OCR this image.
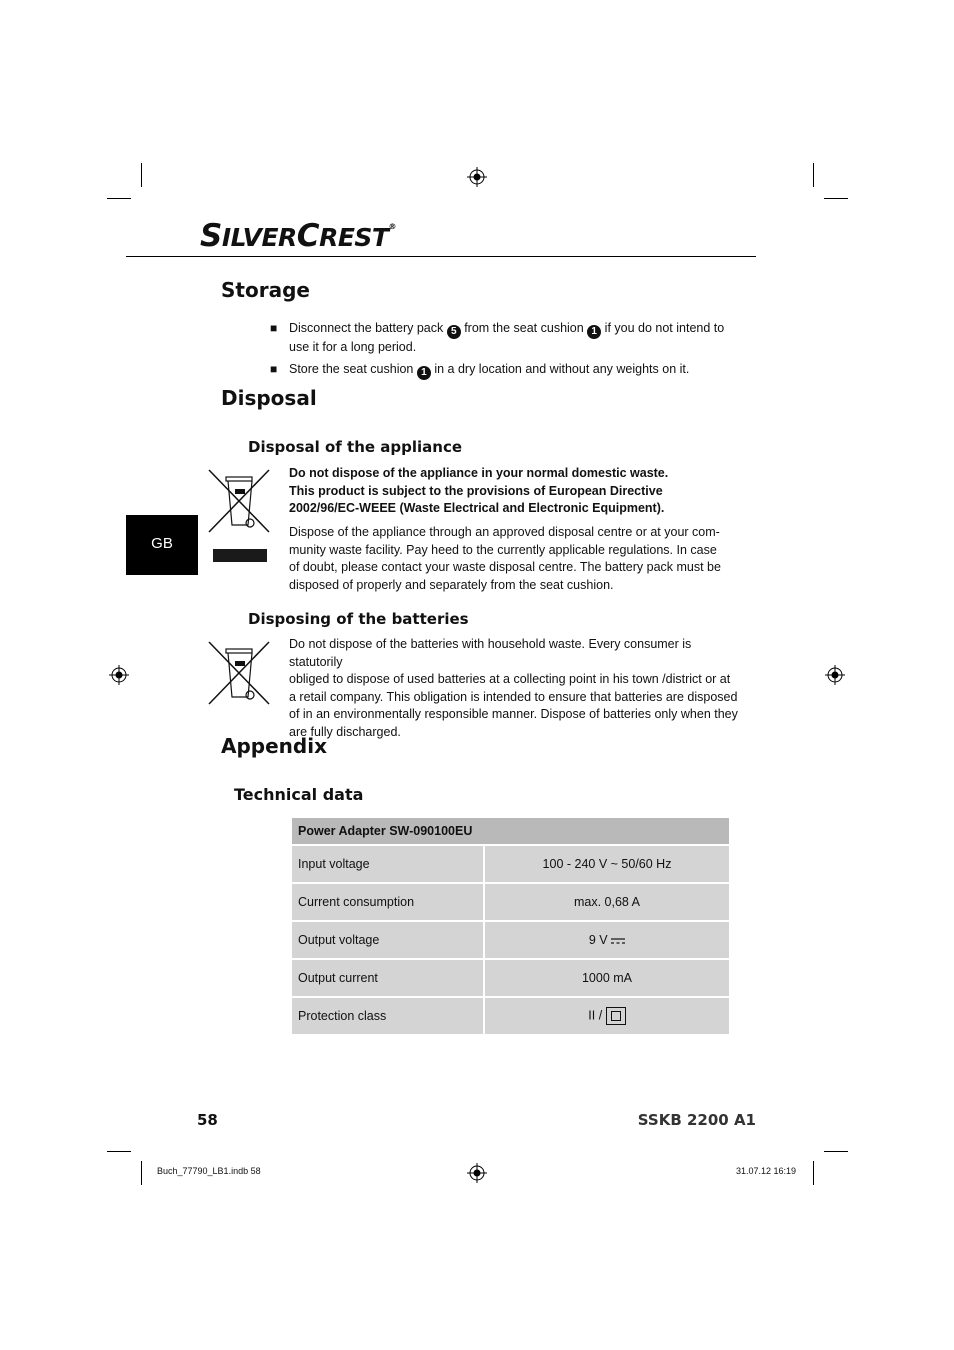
SILVERCREST®
Storage
■ Disconnect the battery pack 5 from the seat cushion 1 if you do not intend to
use it for a long period.
■ Store the seat cushion 1 in a dry location and without any weights on it.
Disposal
Disposal of the appliance
GB
Do not dispose of the appliance in your normal domestic waste.
This product is subject to the provisions of European Directive
2002/96/EC-WEEE (Waste Electrical and Electronic Equipment).
Dispose of the appliance through an approved disposal centre or at your com-
munity waste facility. Pay heed to the currently applicable regulations. In case
of doubt, please contact your waste disposal centre. The battery pack must be
disposed of properly and separately from the seat cushion.
Disposing of the batteries
Do not dispose of the batteries with household waste. Every consumer is statutorily
obliged to dispose of used batteries at a collecting point in his town /district or at
a retail company. This obligation is intended to ensure that batteries are disposed
of in an environmentally responsible manner. Dispose of batteries only when they
are fully discharged.
Appendix
Technical data
Power Adapter SW-090100EU	
Input voltage	100 - 240 V ~ 50/60 Hz
Current consumption	max. 0,68 A
Output voltage	9 V
Output current	1000 mA
Protection class	II /
58	SSKB 2200 A1
Buch_77790_LB1.indb 58	31.07.12 16:19
